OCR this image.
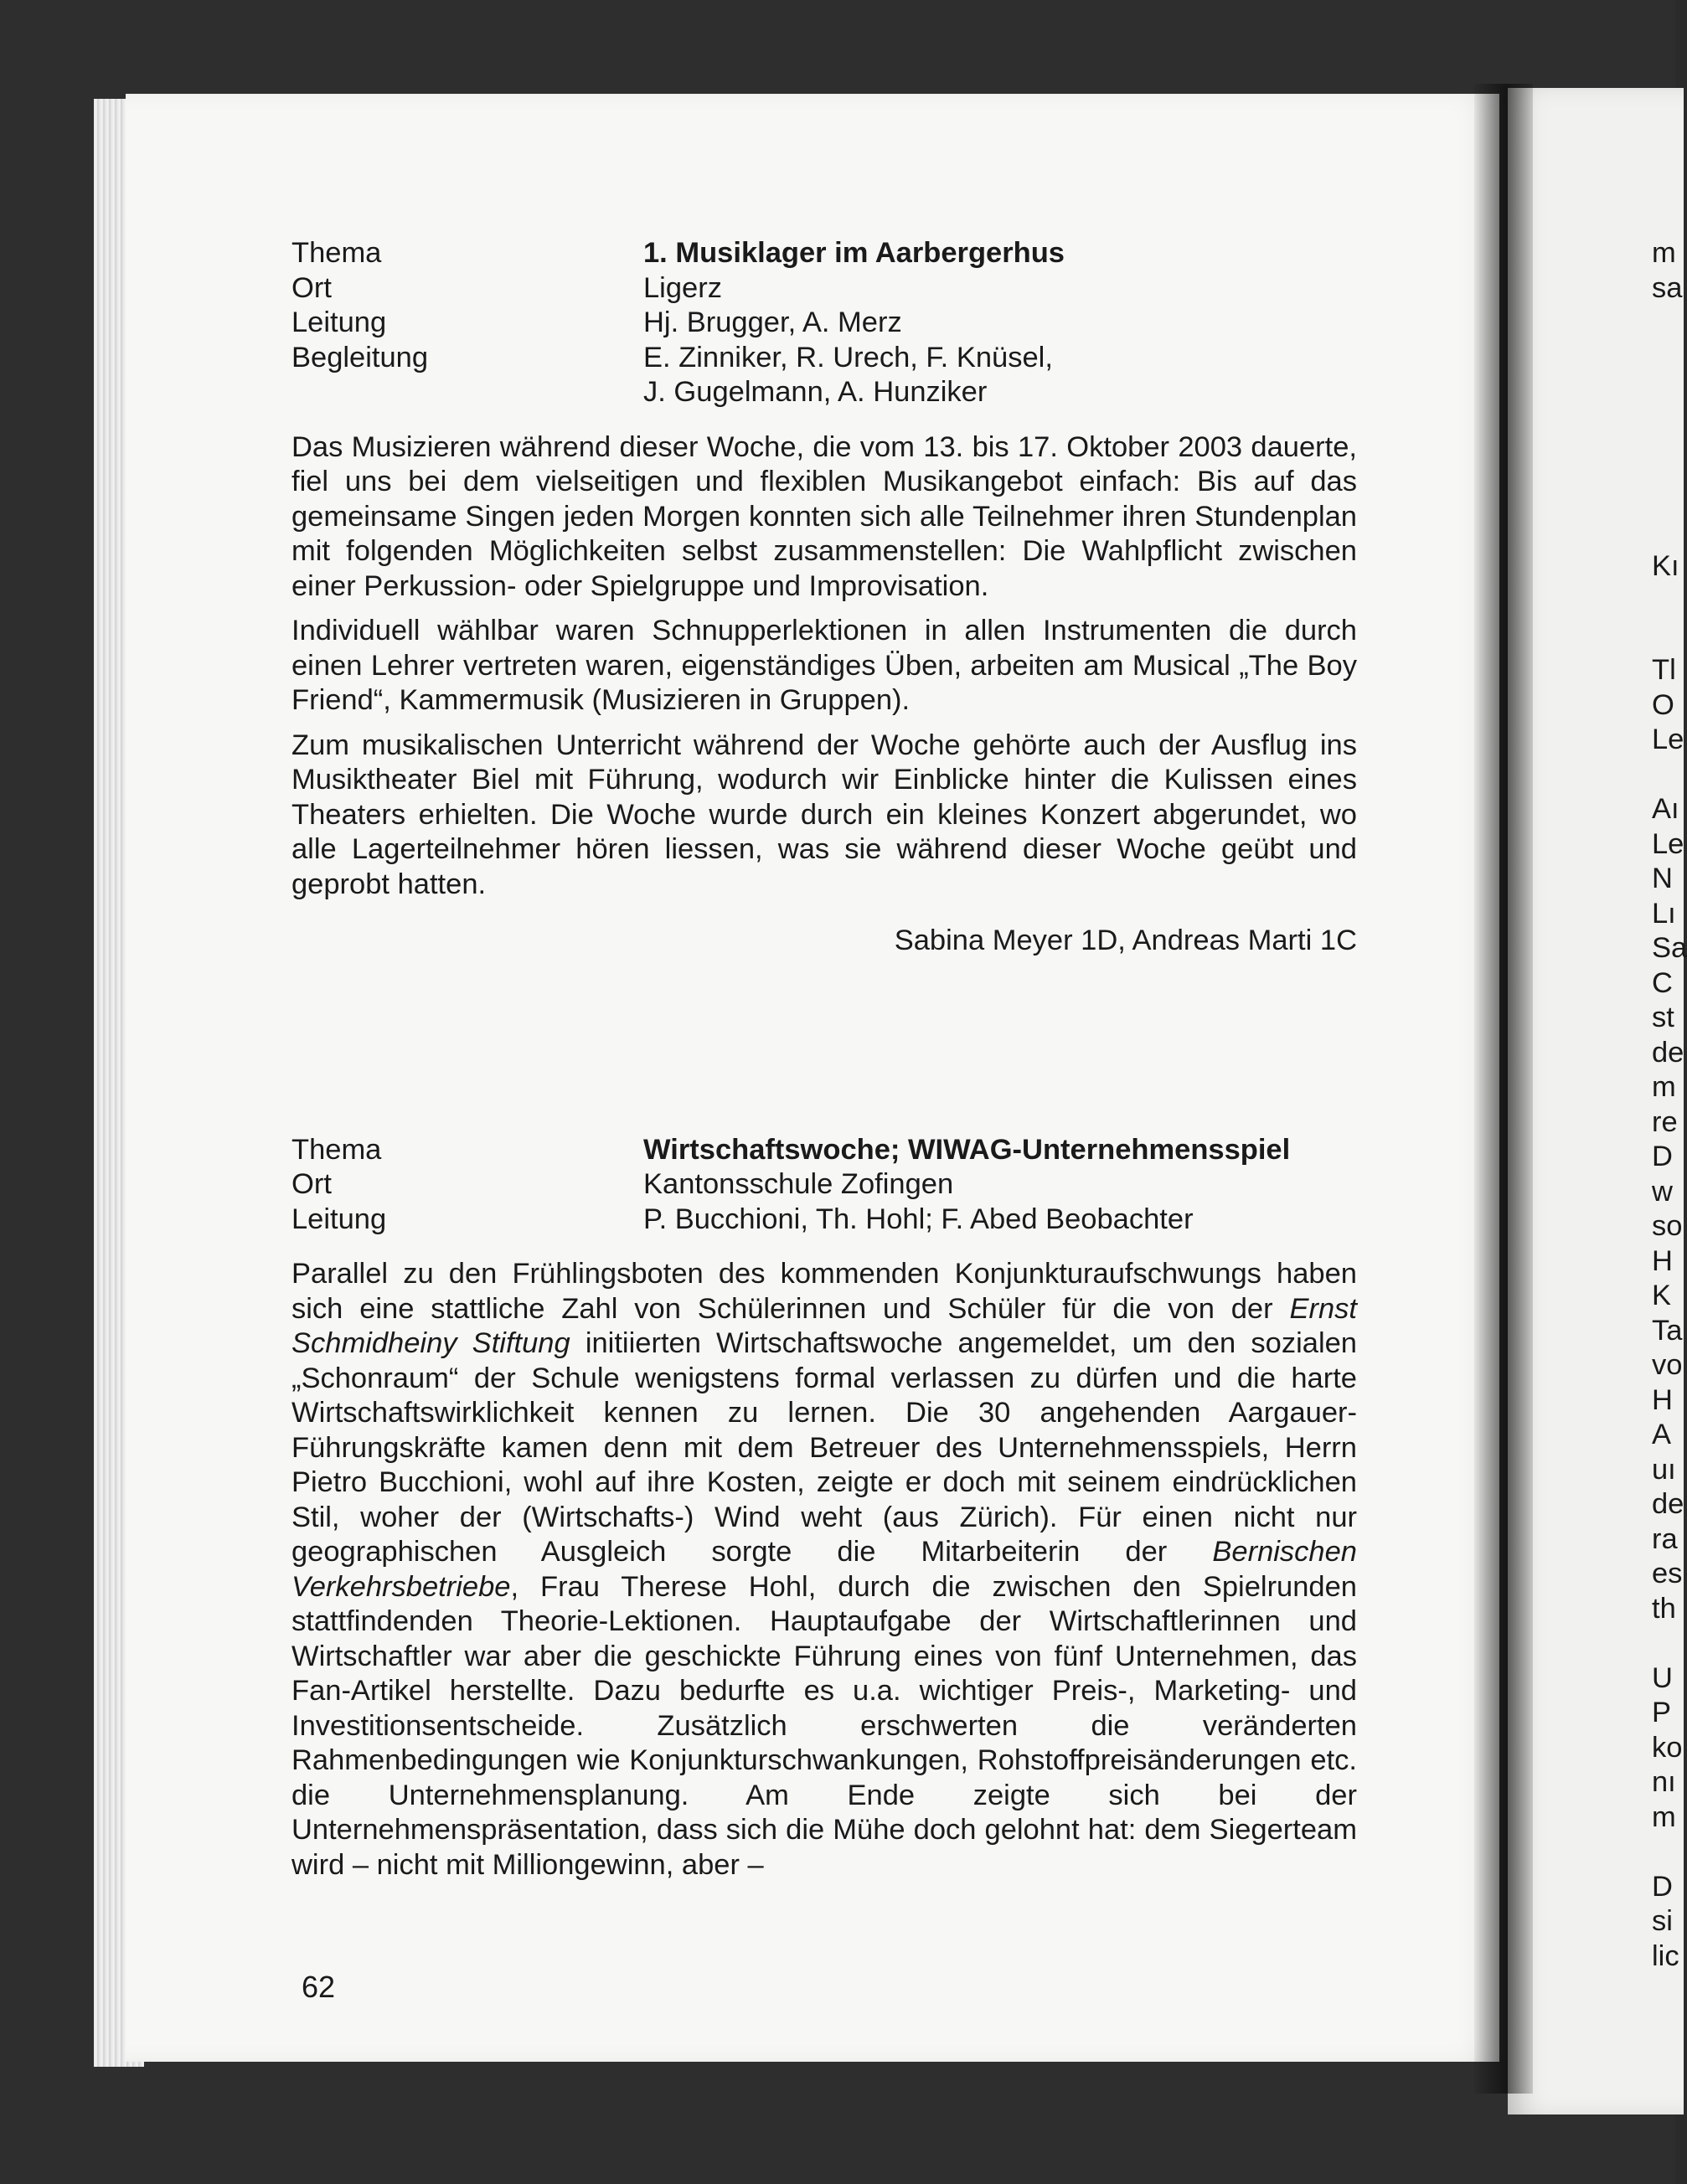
Thema	1. Musiklager im Aarbergerhus
Ort	Ligerz
Leitung	Hj. Brugger, A. Merz
Begleitung	E. Zinniker, R. Urech, F. Knüsel,
J. Gugelmann, A. Hunziker

Das Musizieren während dieser Woche, die vom 13. bis 17. Oktober 2003 dauerte, fiel uns bei dem vielseitigen und flexiblen Musikangebot einfach: Bis auf das gemeinsame Singen jeden Morgen konnten sich alle Teilnehmer ihren Stundenplan mit folgenden Möglichkeiten selbst zusammenstellen: Die Wahlpflicht zwischen einer Perkussion- oder Spielgruppe und Improvisation.

Individuell wählbar waren Schnupperlektionen in allen Instrumenten die durch einen Lehrer vertreten waren, eigenständiges Üben, arbeiten am Musical „The Boy Friend“, Kammermusik (Musizieren in Gruppen).

Zum musikalischen Unterricht während der Woche gehörte auch der Ausflug ins Musiktheater Biel mit Führung, wodurch wir Einblicke hinter die Kulissen eines Theaters erhielten. Die Woche wurde durch ein kleines Konzert abgerundet, wo alle Lagerteilnehmer hören liessen, was sie während dieser Woche geübt und geprobt hatten.

Sabina Meyer 1D, Andreas Marti 1C
Thema	Wirtschaftswoche; WIWAG-Unternehmensspiel
Ort	Kantonsschule Zofingen
Leitung	P. Bucchioni, Th. Hohl; F. Abed Beobachter

Parallel zu den Frühlingsboten des kommenden Konjunkturaufschwungs haben sich eine stattliche Zahl von Schülerinnen und Schüler für die von der Ernst Schmidheiny Stiftung initiierten Wirtschaftswoche angemeldet, um den sozialen „Schonraum“ der Schule wenigstens formal verlassen zu dürfen und die harte Wirtschaftswirklichkeit kennen zu lernen. Die 30 angehenden Aargauer-Führungskräfte kamen denn mit dem Betreuer des Unternehmensspiels, Herrn Pietro Bucchioni, wohl auf ihre Kosten, zeigte er doch mit seinem eindrücklichen Stil, woher der (Wirtschafts-) Wind weht (aus Zürich). Für einen nicht nur geographischen Ausgleich sorgte die Mitarbeiterin der Bernischen Verkehrsbetriebe, Frau Therese Hohl, durch die zwischen den Spielrunden stattfindenden Theorie-Lektionen. Hauptaufgabe der Wirtschaftlerinnen und Wirtschaftler war aber die geschickte Führung eines von fünf Unternehmen, das Fan-Artikel herstellte. Dazu bedurfte es u.a. wichtiger Preis-, Marketing- und Investitionsentscheide. Zusätzlich erschwerten die veränderten Rahmenbedingungen wie Konjunkturschwankungen, Rohstoffpreisänderungen etc. die Unternehmensplanung. Am Ende zeigte sich bei der Unternehmenspräsentation, dass sich die Mühe doch gelohnt hat: dem Siegerteam wird – nicht mit Milliongewinn, aber –

62
m
sa
Kı
Tl
O
Le
Aı
Le
N
Lı
Sa
C
st
de
m
re
D
w
so
H
K
Ta
vo
H
A
uı
de
ra
es
th
U
P
ko
nı
m
D
si
lic
